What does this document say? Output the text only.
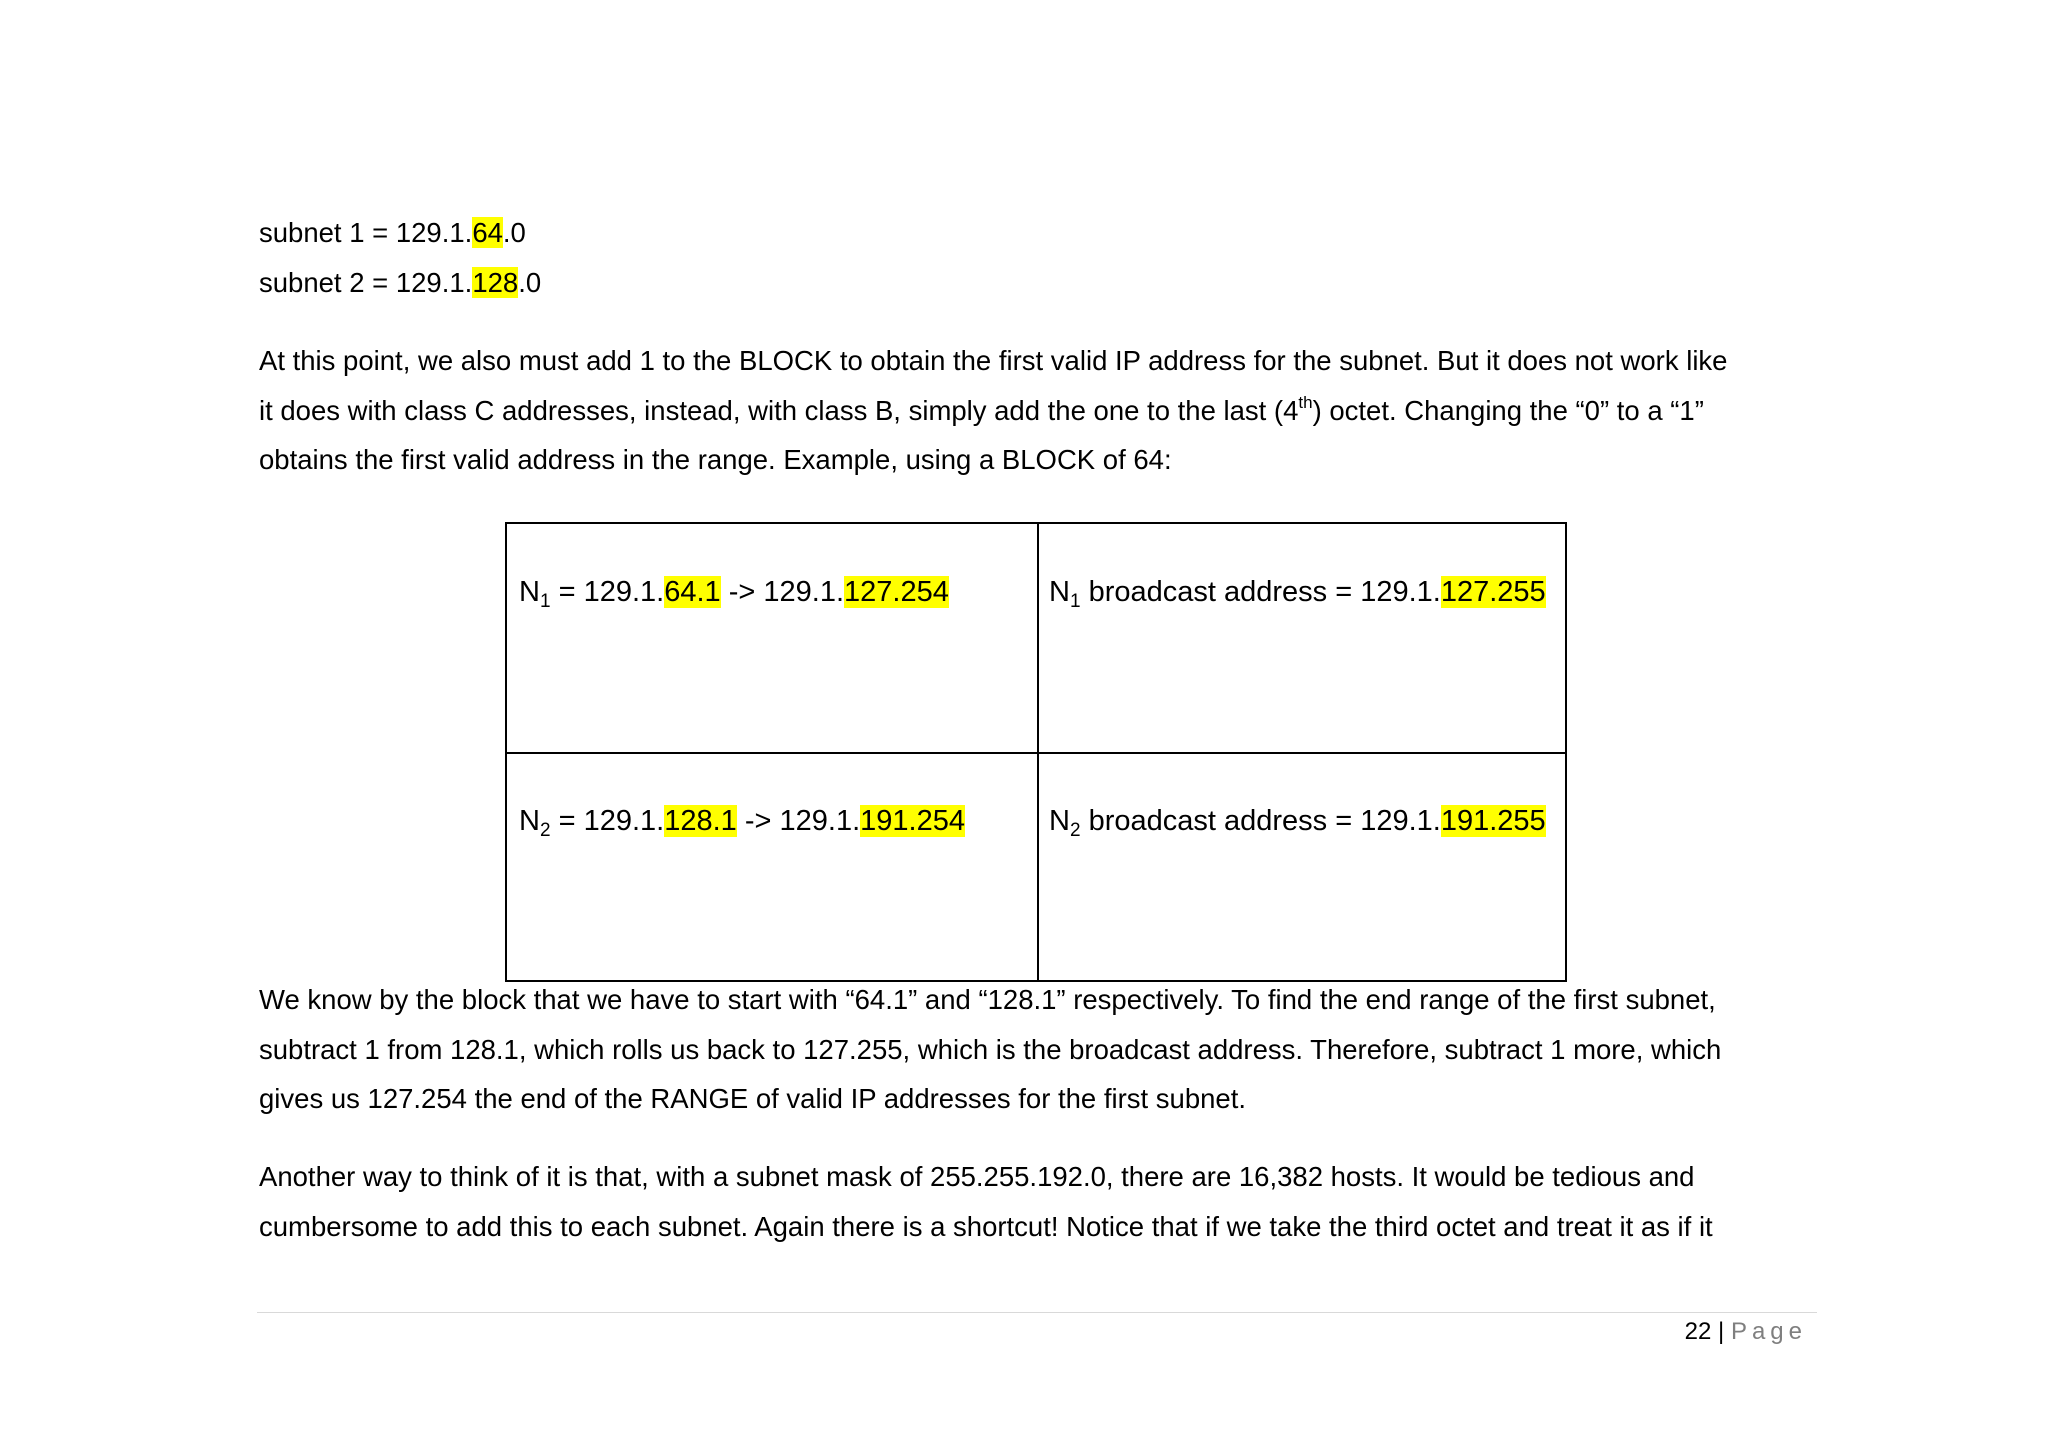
subnet 1 = 129.1.64.0
subnet 2 = 129.1.128.0
At this point, we also must add 1 to the BLOCK to obtain the first valid IP address for the subnet. But it does not work like
it does with class C addresses, instead, with class B, simply add the one to the last (4th) octet. Changing the “0” to a “1”
obtains the first valid address in the range. Example, using a BLOCK of 64:
$N_1 = 129.1.64.1 -> 129.1.127.254$	$N_1$ broadcast address = 129.1.127.255
$N_2 = 129.1.128.1 -> 129.1.191.254$	$N_2$ broadcast address = 129.1.191.255
We know by the block that we have to start with “64.1” and “128.1” respectively. To find the end range of the first subnet,
subtract 1 from 128.1, which rolls us back to 127.255, which is the broadcast address. Therefore, subtract 1 more, which
gives us 127.254 the end of the RANGE of valid IP addresses for the first subnet.
Another way to think of it is that, with a subnet mask of 255.255.192.0, there are 16,382 hosts. It would be tedious and
cumbersome to add this to each subnet. Again there is a shortcut! Notice that if we take the third octet and treat it as if it
22 | Page
